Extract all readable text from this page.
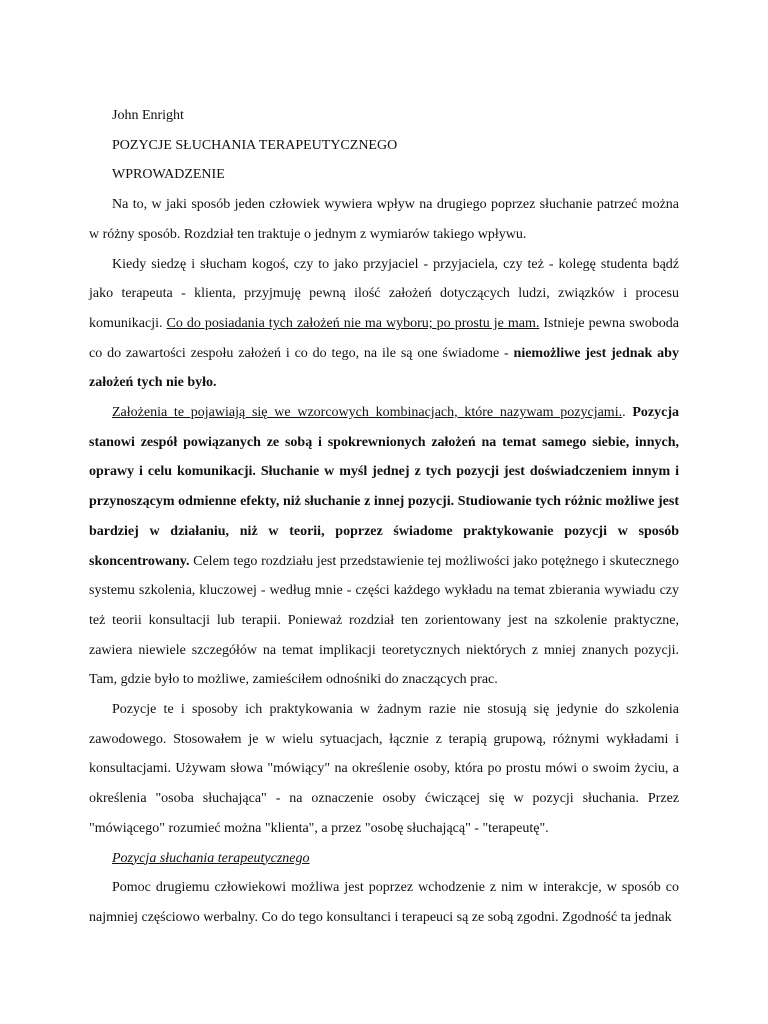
John Enright

POZYCJE SŁUCHANIA TERAPEUTYCZNEGO

WPROWADZENIE

Na to, w jaki sposób jeden człowiek wywiera wpływ na drugiego poprzez słuchanie patrzeć można w różny sposób. Rozdział ten traktuje o jednym z wymiarów takiego wpływu.

Kiedy siedzę i słucham kogoś, czy to jako przyjaciel - przyjaciela, czy też - kolegę studenta bądź jako terapeuta - klienta, przyjmuję pewną ilość założeń dotyczących ludzi, związków i procesu komunikacji. Co do posiadania tych założeń nie ma wyboru; po prostu je mam. Istnieje pewna swoboda co do zawartości zespołu założeń i co do tego, na ile są one świadome - niemożliwe jest jednak aby założeń tych nie było.

Założenia te pojawiają się we wzorcowych kombinacjach, które nazywam pozycjami.. Pozycja stanowi zespół powiązanych ze sobą i spokrewnionych założeń na temat samego siebie, innych, oprawy i celu komunikacji. Słuchanie w myśl jednej z tych pozycji jest doświadczeniem innym i przynoszącym odmienne efekty, niż słuchanie z innej pozycji. Studiowanie tych różnic możliwe jest bardziej w działaniu, niż w teorii, poprzez świadome praktykowanie pozycji w sposób skoncentrowany. Celem tego rozdziału jest przedstawienie tej możliwości jako potężnego i skutecznego systemu szkolenia, kluczowej - według mnie - części każdego wykładu na temat zbierania wywiadu czy też teorii konsultacji lub terapii. Ponieważ rozdział ten zorientowany jest na szkolenie praktyczne, zawiera niewiele szczegółów na temat implikacji teoretycznych niektórych z mniej znanych pozycji. Tam, gdzie było to możliwe, zamieściłem odnośniki do znaczących prac.

Pozycje te i sposoby ich praktykowania w żadnym razie nie stosują się jedynie do szkolenia zawodowego. Stosowałem je w wielu sytuacjach, łącznie z terapią grupową, różnymi wykładami i konsultacjami. Używam słowa "mówiący" na określenie osoby, która po prostu mówi o swoim życiu, a określenia "osoba słuchająca" - na oznaczenie osoby ćwiczącej się w pozycji słuchania. Przez "mówiącego" rozumieć można "klienta", a przez "osobę słuchającą" - "terapeutę".

Pozycja słuchania terapeutycznego

Pomoc drugiemu człowiekowi możliwa jest poprzez wchodzenie z nim w interakcje, w sposób co najmniej częściowo werbalny. Co do tego konsultanci i terapeuci są ze sobą zgodni. Zgodność ta jednak
